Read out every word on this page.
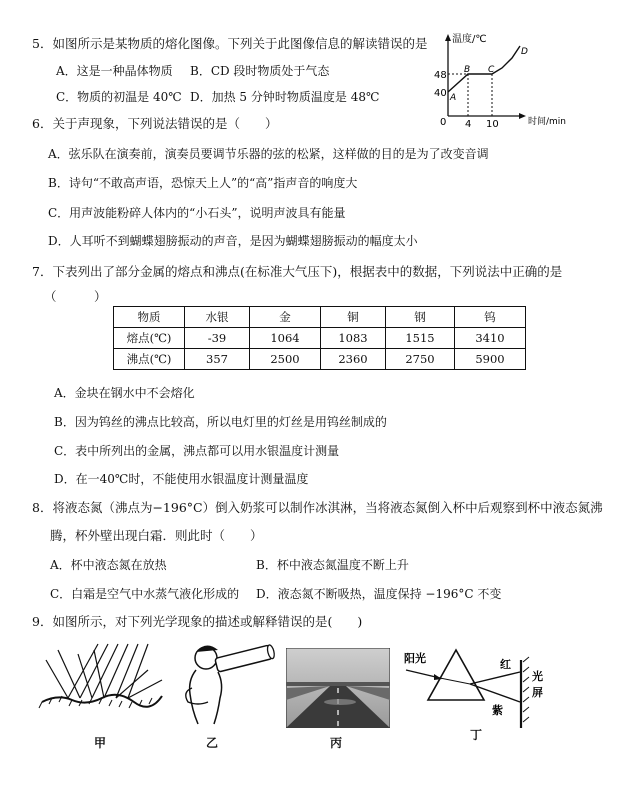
5．如图所示是某物质的熔化图像。下列关于此图像信息的解读错误的是
A．这是一种晶体物质 B．CD 段时物质处于气态
C．物质的初温是 40℃ D．加热 5 分钟时物质温度是 48℃
温度/℃
时间/min
0
48
40
4 10
A
B C
D
6．关于声现象，下列说法错误的是（　　）
A．弦乐队在演奏前，演奏员要调节乐器的弦的松紧，这样做的目的是为了改变音调
B．诗句“不敢高声语，恐惊天上人”的“高”指声音的响度大
C．用声波能粉碎人体内的“小石头”，说明声波具有能量
D．人耳听不到蝴蝶翅膀振动的声音，是因为蝴蝶翅膀振动的幅度太小
7．下表列出了部分金属的熔点和沸点(在标准大气压下)，根据表中的数据，下列说法中正确的是
（　　　）
物质	水银	金	铜	钢	钨
熔点(℃)	-39	1064	1083	1515	3410
沸点(℃)	357	2500	2360	2750	5900
A．金块在钢水中不会熔化
B．因为钨丝的沸点比较高，所以电灯里的灯丝是用钨丝制成的
C．表中所列出的金属，沸点都可以用水银温度计测量
D．在一40℃时，不能使用水银温度计测量温度
8．将液态氮（沸点为−196°C）倒入奶浆可以制作冰淇淋，当将液态氮倒入杯中后观察到杯中液态氮沸
腾，杯外壁出现白霜．则此时（　　）
A．杯中液态氮在放热	B．杯中液态氮温度不断上升
C．白霜是空气中水蒸气液化形成的 D．液态氮不断吸热，温度保持 −196°C 不变
9．如图所示，对下列光学现象的描述或解释错误的是(　　)
甲	乙	丙
阳光	红
紫
光
屏
丁
